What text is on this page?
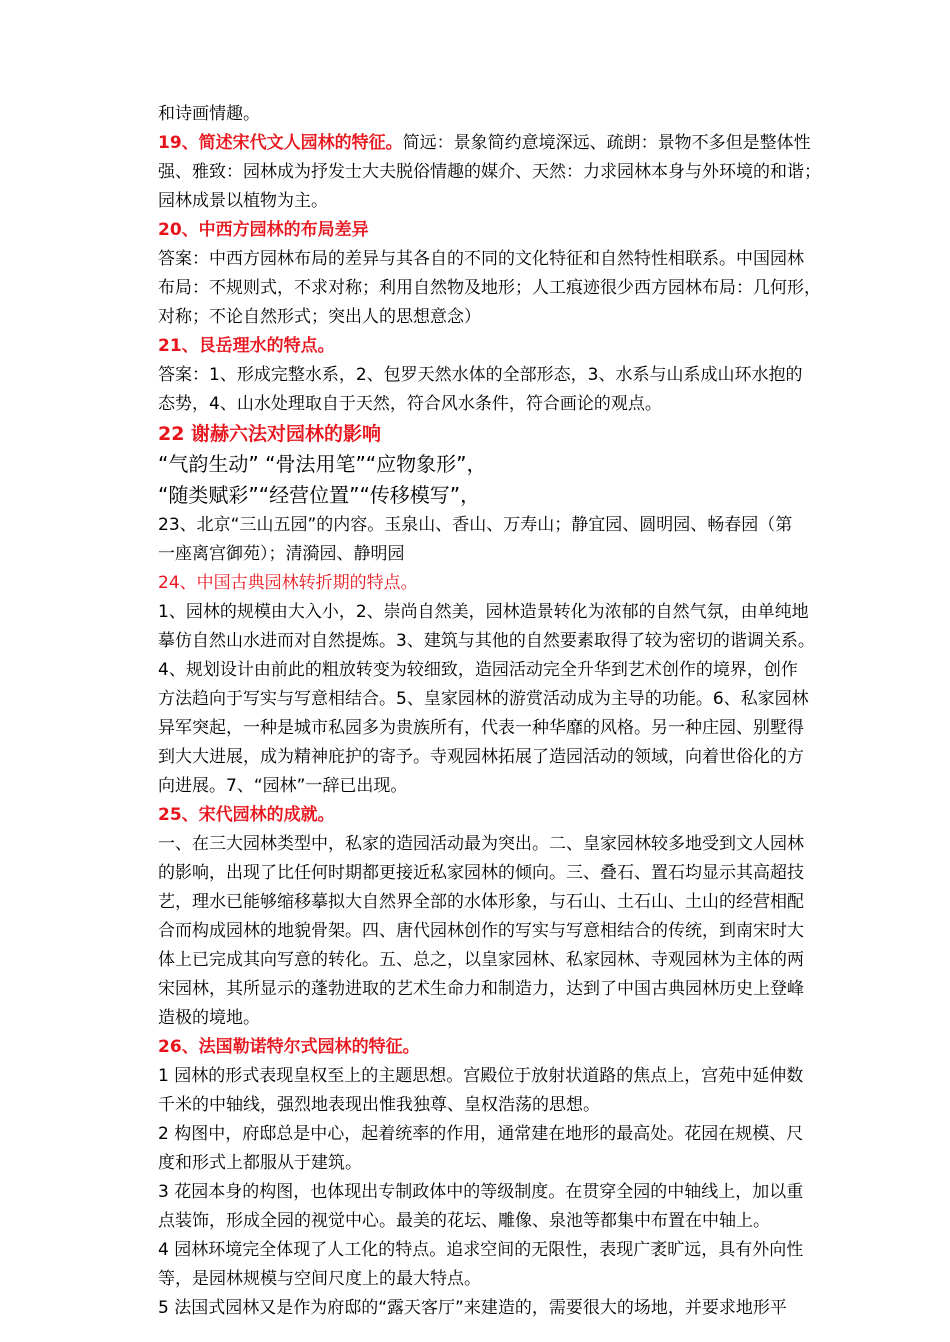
和诗画情趣。
19、简述宋代文人园林的特征。简远：景象简约意境深远、疏朗：景物不多但是整体性
强、雅致：园林成为抒发士大夫脱俗情趣的媒介、天然：力求园林本身与外环境的和谐；
园林成景以植物为主。
20、中西方园林的布局差异
答案：中西方园林布局的差异与其各自的不同的文化特征和自然特性相联系。中国园林
布局：不规则式，不求对称；利用自然物及地形；人工痕迹很少西方园林布局：几何形，
对称；不论自然形式；突出人的思想意念）
21、艮岳理水的特点。
答案：1、形成完整水系，2、包罗天然水体的全部形态，3、水系与山系成山环水抱的
态势，4、山水处理取自于天然，符合风水条件，符合画论的观点。
22 谢赫六法对园林的影响
“气韵生动” “骨法用笔”“应物象形”，
“随类赋彩”“经营位置”“传移模写”，
23、北京“三山五园”的内容。玉泉山、香山、万寿山；静宜园、圆明园、畅春园（第
一座离宫御苑）；清漪园、静明园
24、中国古典园林转折期的特点。
1、园林的规模由大入小，2、崇尚自然美，园林造景转化为浓郁的自然气氛，由单纯地
摹仿自然山水进而对自然提炼。3、建筑与其他的自然要素取得了较为密切的谐调关系。
4、规划设计由前此的粗放转变为较细致，造园活动完全升华到艺术创作的境界，创作
方法趋向于写实与写意相结合。5、皇家园林的游赏活动成为主导的功能。6、私家园林
异军突起，一种是城市私园多为贵族所有，代表一种华靡的风格。另一种庄园、别墅得
到大大进展，成为精神庇护的寄予。寺观园林拓展了造园活动的领域，向着世俗化的方
向进展。7、“园林”一辞已出现。
25、宋代园林的成就。
一、在三大园林类型中，私家的造园活动最为突出。二、皇家园林较多地受到文人园林
的影响，出现了比任何时期都更接近私家园林的倾向。三、叠石、置石均显示其高超技
艺，理水已能够缩移摹拟大自然界全部的水体形象，与石山、土石山、土山的经营相配
合而构成园林的地貌骨架。四、唐代园林创作的写实与写意相结合的传统，到南宋时大
体上已完成其向写意的转化。五、总之，以皇家园林、私家园林、寺观园林为主体的两
宋园林，其所显示的蓬勃进取的艺术生命力和制造力，达到了中国古典园林历史上登峰
造极的境地。
26、法国勒诺特尔式园林的特征。
1 园林的形式表现皇权至上的主题思想。宫殿位于放射状道路的焦点上，宫苑中延伸数
千米的中轴线，强烈地表现出惟我独尊、皇权浩荡的思想。
2 构图中，府邸总是中心，起着统率的作用，通常建在地形的最高处。花园在规模、尺
度和形式上都服从于建筑。
3 花园本身的构图，也体现出专制政体中的等级制度。在贯穿全园的中轴线上，加以重
点装饰，形成全园的视觉中心。最美的花坛、雕像、泉池等都集中布置在中轴上。
4 园林环境完全体现了人工化的特点。追求空间的无限性，表现广袤旷远，具有外向性
等，是园林规模与空间尺度上的最大特点。
5 法国式园林又是作为府邸的“露天客厅”来建造的，需要很大的场地，并要求地形平
